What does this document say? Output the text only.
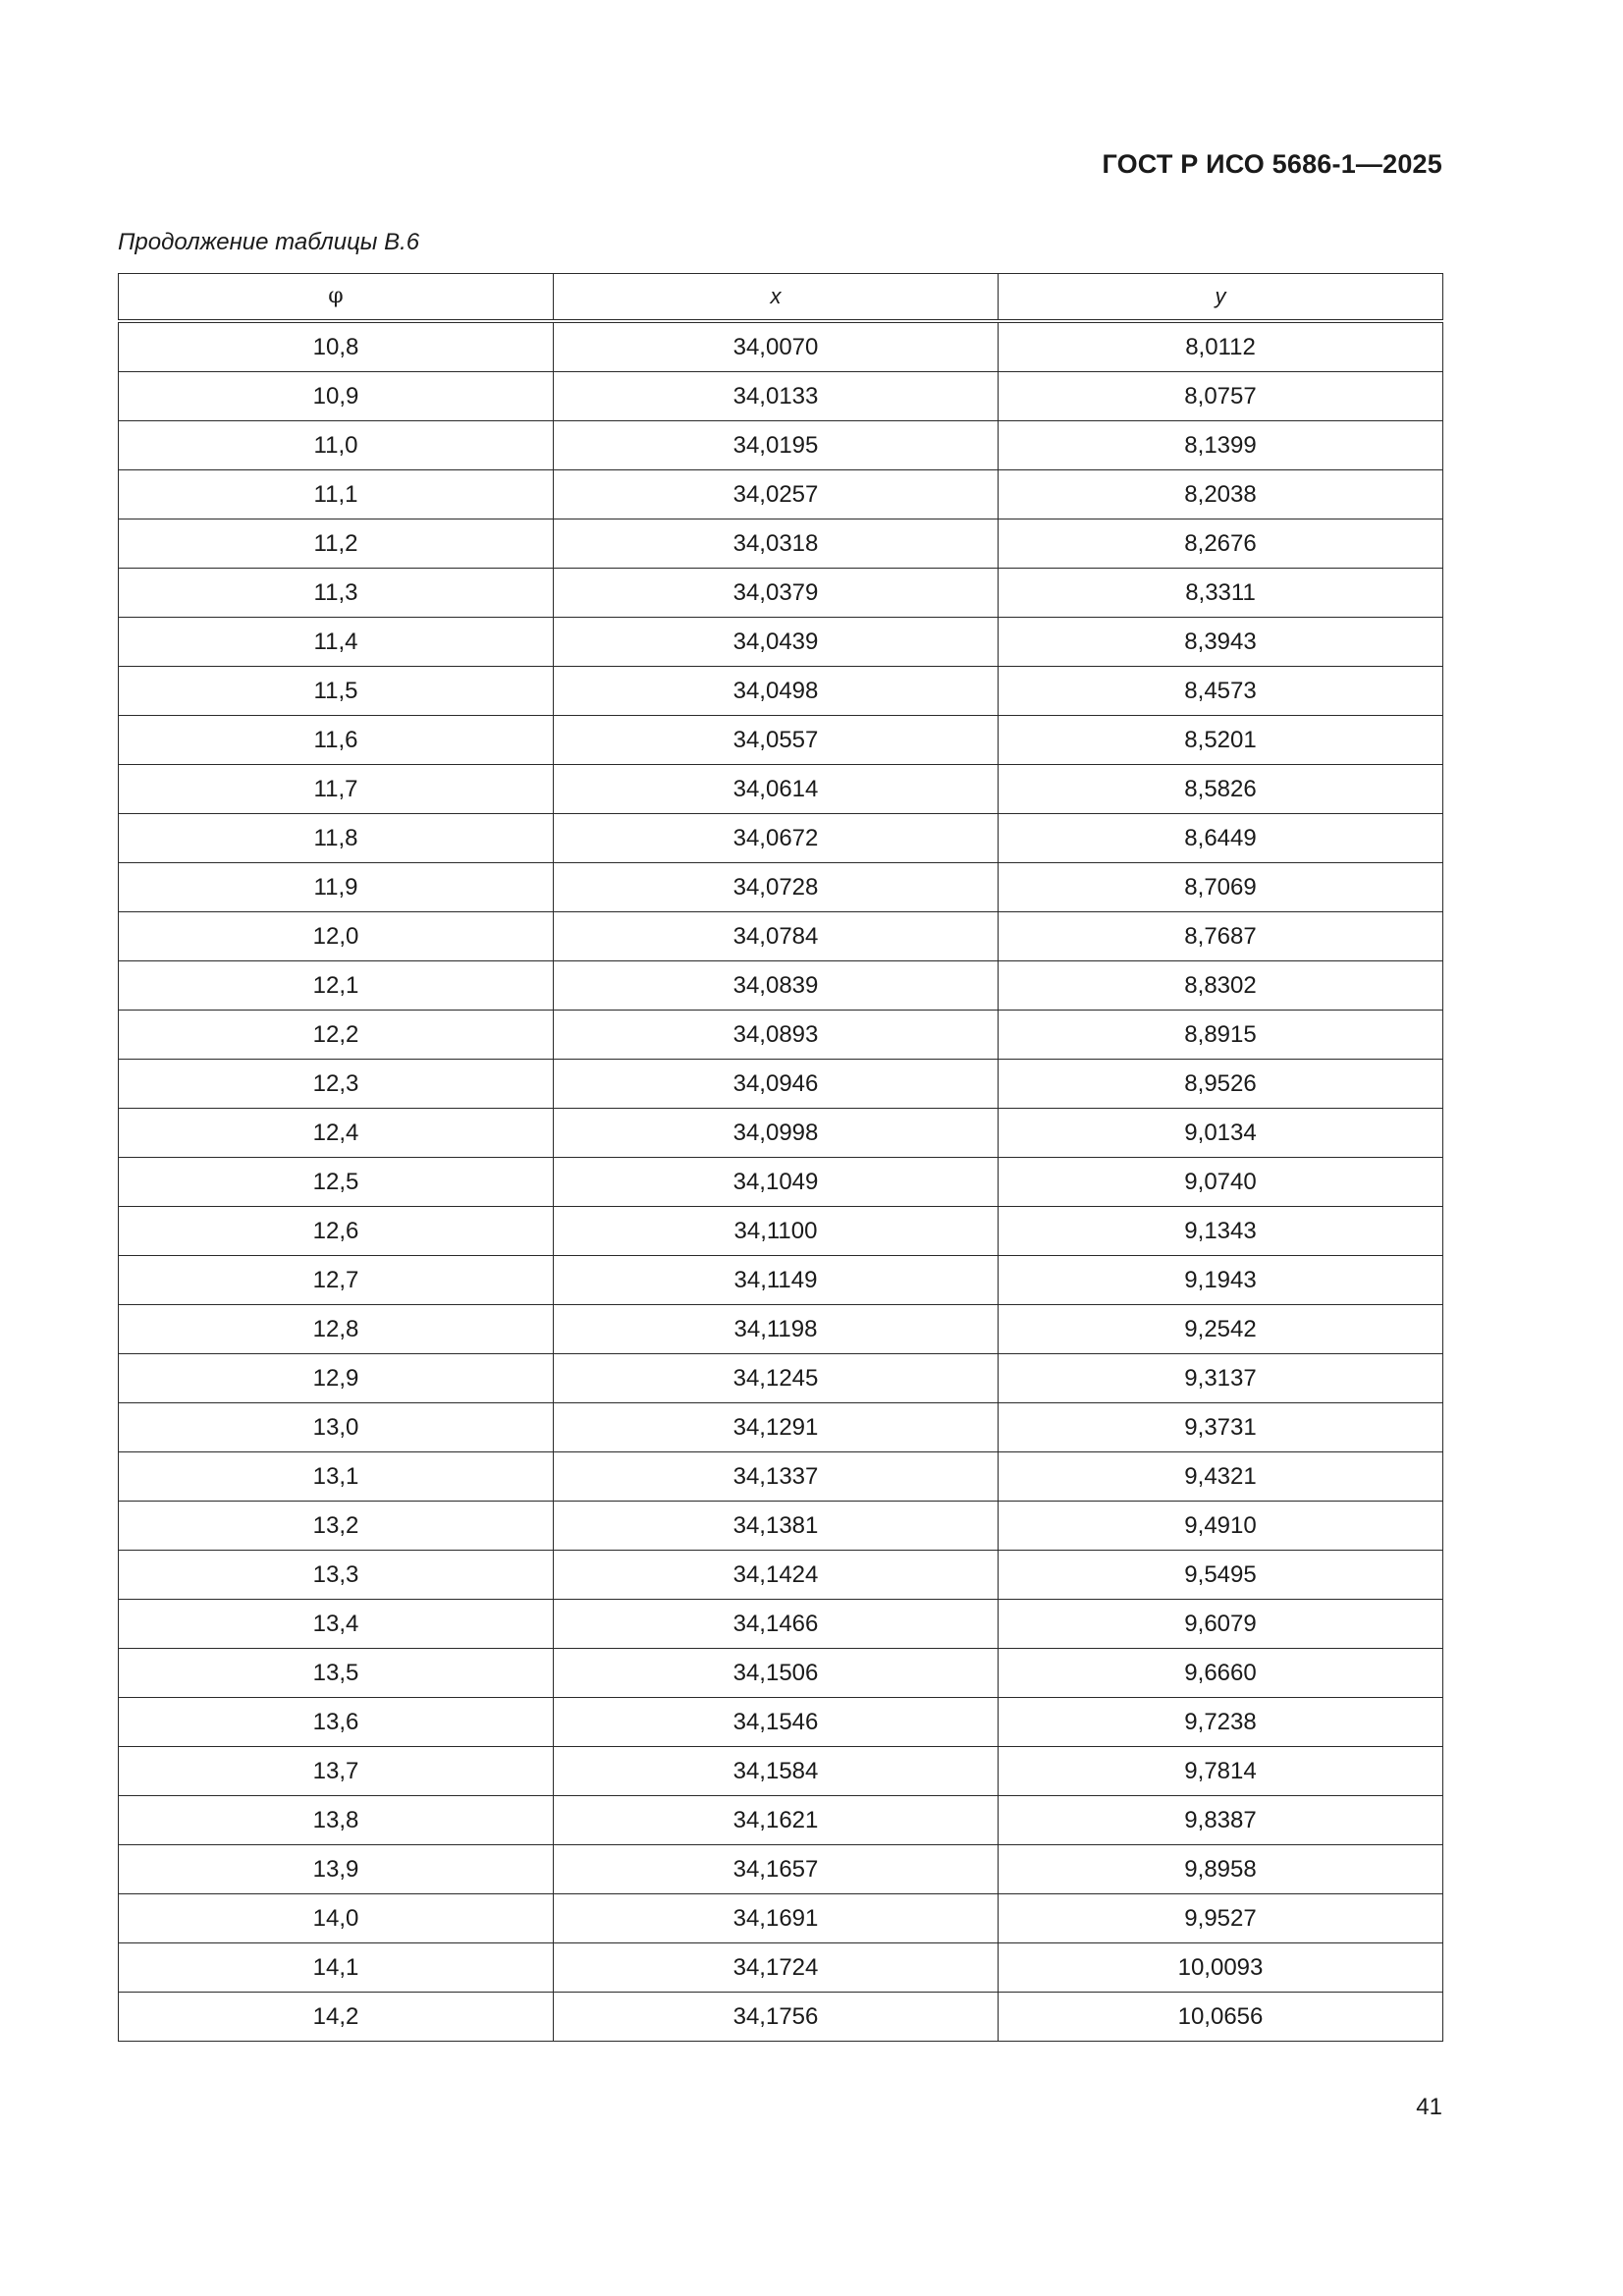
ГОСТ Р ИСО 5686-1—2025
Продолжение таблицы В.6
φ	x	y
10,8	34,0070	8,0112
10,9	34,0133	8,0757
11,0	34,0195	8,1399
11,1	34,0257	8,2038
11,2	34,0318	8,2676
11,3	34,0379	8,3311
11,4	34,0439	8,3943
11,5	34,0498	8,4573
11,6	34,0557	8,5201
11,7	34,0614	8,5826
11,8	34,0672	8,6449
11,9	34,0728	8,7069
12,0	34,0784	8,7687
12,1	34,0839	8,8302
12,2	34,0893	8,8915
12,3	34,0946	8,9526
12,4	34,0998	9,0134
12,5	34,1049	9,0740
12,6	34,1100	9,1343
12,7	34,1149	9,1943
12,8	34,1198	9,2542
12,9	34,1245	9,3137
13,0	34,1291	9,3731
13,1	34,1337	9,4321
13,2	34,1381	9,4910
13,3	34,1424	9,5495
13,4	34,1466	9,6079
13,5	34,1506	9,6660
13,6	34,1546	9,7238
13,7	34,1584	9,7814
13,8	34,1621	9,8387
13,9	34,1657	9,8958
14,0	34,1691	9,9527
14,1	34,1724	10,0093
14,2	34,1756	10,0656
41
